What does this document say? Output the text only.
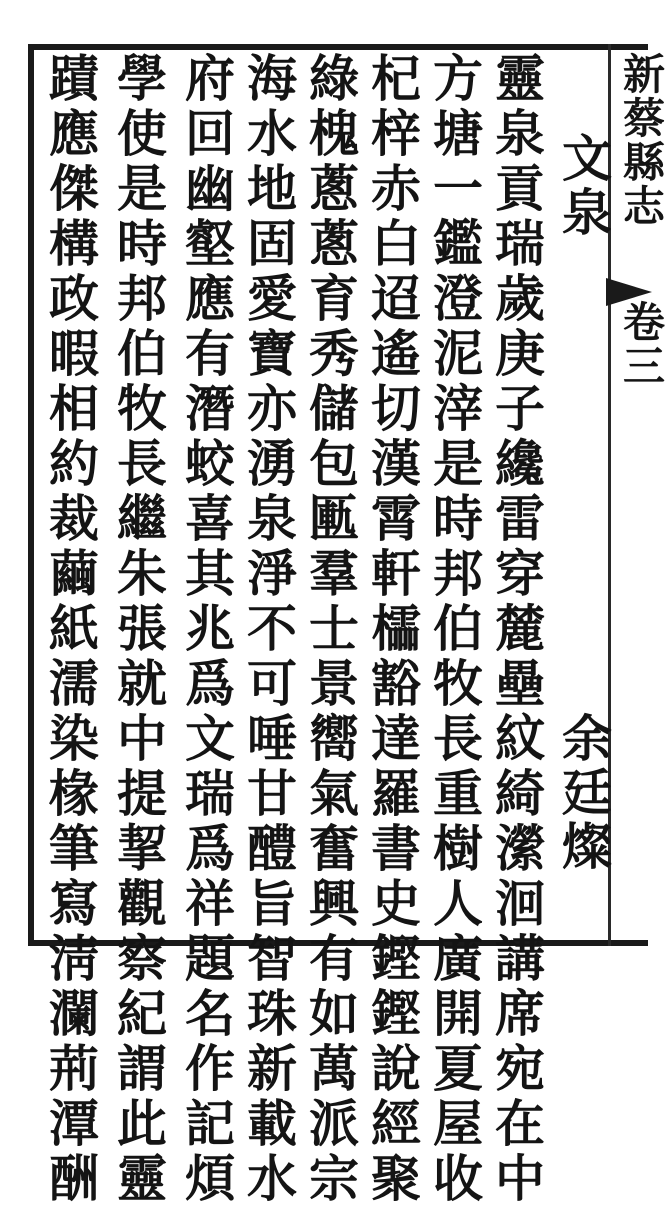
新蔡縣志
卷三
文泉
余廷燦
靈泉貢瑞歲庚子纔雷穿麓壘紋綺瀠洄講席宛在中
方塘一鑑澄泥滓是時邦伯牧長重樹人廣開夏屋收
杞梓赤白迢遙切漢霄軒櫺豁達羅書史鏗鏗說經聚
綠槐蔥蔥育秀儲包匭羣士景嚮氣奮興有如萬派宗
海水地固愛寶亦湧泉淨不可唾甘醴旨智珠新載水
府回幽壑應有潛蛟喜其兆爲文瑞爲祥題名作記煩
學使是時邦伯牧長繼朱張就中提挈觀察紀謂此靈
蹟應傑構政暇相約裁繭紙濡染椽筆寫淸瀾荊潭酬
